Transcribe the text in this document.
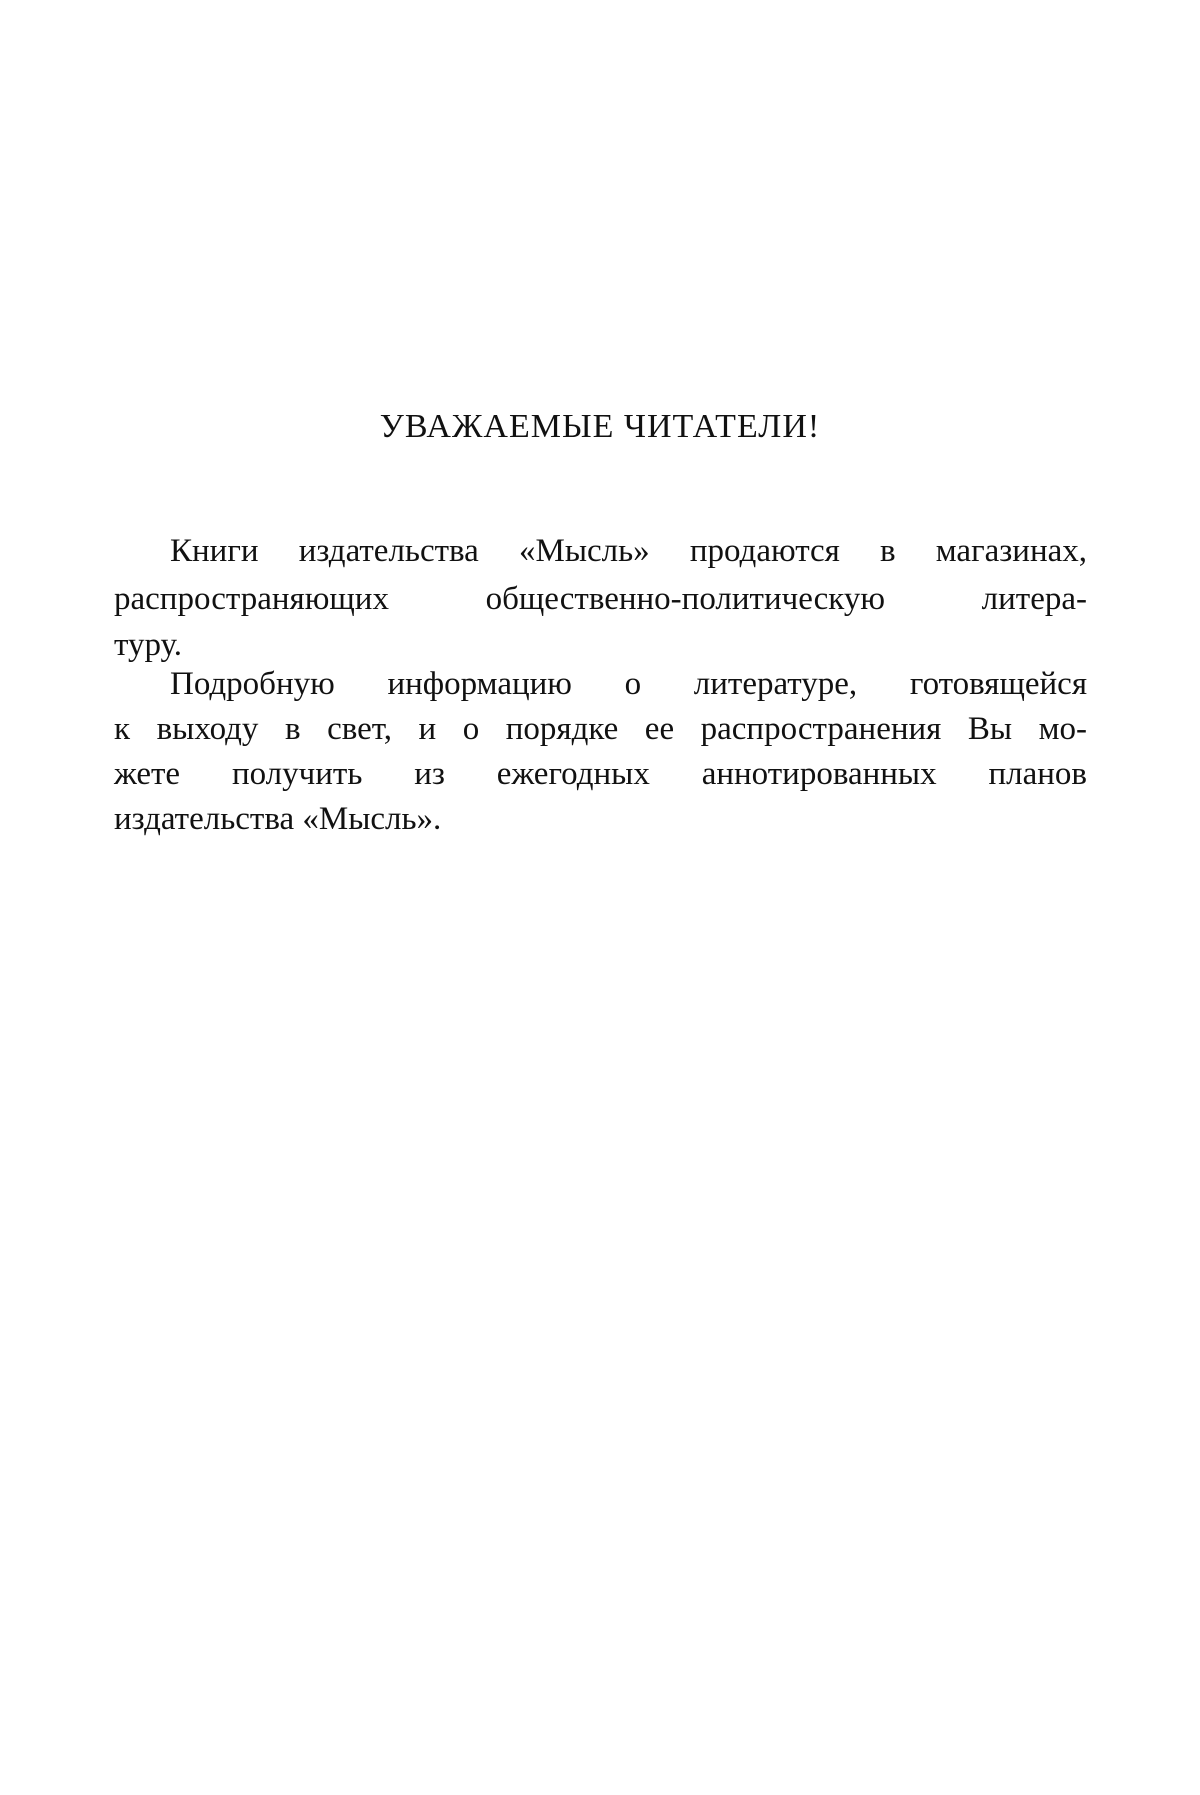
УВАЖАЕМЫЕ ЧИТАТЕЛИ!

Книги издательства «Мысль» продаются в магазинах,

распространяющих общественно-политическую литера-

туру.

Подробную информацию о литературе, готовящейся

к выходу в свет, и о порядке ее распространения Вы мо-

жете получить из ежегодных аннотированных планов

издательства «Мысль».
